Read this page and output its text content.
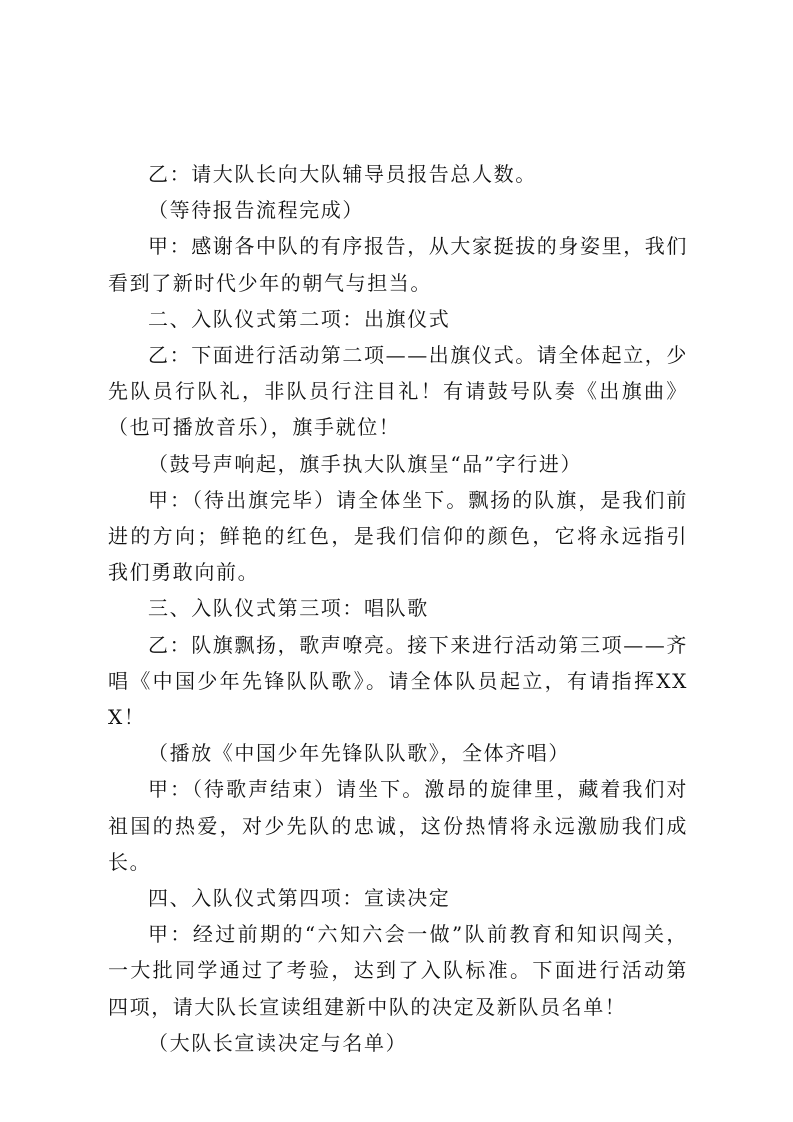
乙：请大队长向大队辅导员报告总人数。

（等待报告流程完成）

甲：感谢各中队的有序报告，从大家挺拔的身姿里，我们看到了新时代少年的朝气与担当。

二、入队仪式第二项：出旗仪式

乙：下面进行活动第二项——出旗仪式。请全体起立，少先队员行队礼，非队员行注目礼！有请鼓号队奏《出旗曲》（也可播放音乐），旗手就位！

（鼓号声响起，旗手执大队旗呈“品”字行进）

甲：（待出旗完毕）请全体坐下。飘扬的队旗，是我们前进的方向；鲜艳的红色，是我们信仰的颜色，它将永远指引我们勇敢向前。

三、入队仪式第三项：唱队歌

乙：队旗飘扬，歌声嘹亮。接下来进行活动第三项——齐唱《中国少年先锋队队歌》。请全体队员起立，有请指挥XXX！

（播放《中国少年先锋队队歌》，全体齐唱）

甲：（待歌声结束）请坐下。激昂的旋律里，藏着我们对祖国的热爱，对少先队的忠诚，这份热情将永远激励我们成长。

四、入队仪式第四项：宣读决定

甲：经过前期的“六知六会一做”队前教育和知识闯关，一大批同学通过了考验，达到了入队标准。下面进行活动第四项，请大队长宣读组建新中队的决定及新队员名单！

（大队长宣读决定与名单）
